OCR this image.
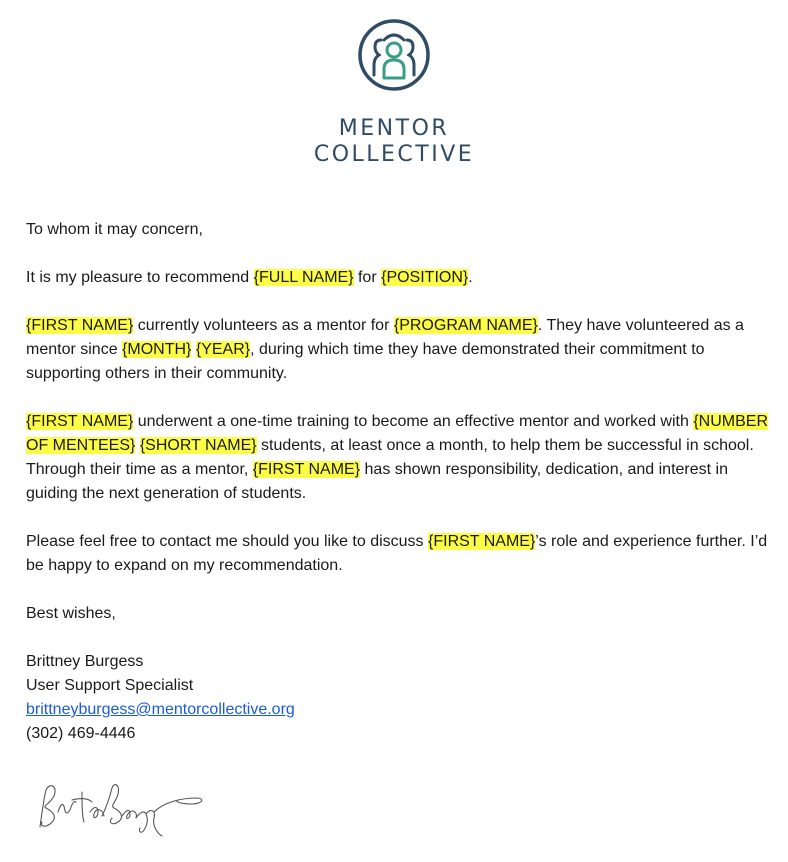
MENTOR
COLLECTIVE

To whom it may concern,

It is my pleasure to recommend {FULL NAME} for {POSITION}.

{FIRST NAME} currently volunteers as a mentor for {PROGRAM NAME}. They have volunteered as a mentor since {MONTH} {YEAR}, during which time they have demonstrated their commitment to supporting others in their community.

{FIRST NAME} underwent a one-time training to become an effective mentor and worked with {NUMBER OF MENTEES} {SHORT NAME} students, at least once a month, to help them be successful in school. Through their time as a mentor, {FIRST NAME} has shown responsibility, dedication, and interest in guiding the next generation of students.

Please feel free to contact me should you like to discuss {FIRST NAME}’s role and experience further. I’d be happy to expand on my recommendation.

Best wishes,

Brittney Burgess

User Support Specialist

brittneyburgess@mentorcollective.org

(302) 469-4446
